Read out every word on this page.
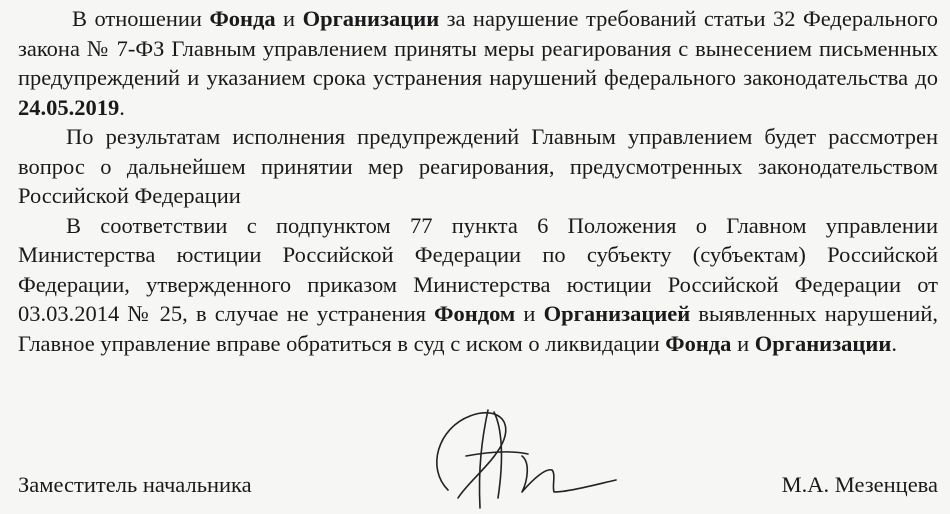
В отношении Фонда и Организации за нарушение требований статьи 32 Федерального закона № 7-ФЗ Главным управлением приняты меры реагирования с вынесением письменных предупреждений и указанием срока устранения нарушений федерального законодательства до 24.05.2019.

По результатам исполнения предупреждений Главным управлением будет рассмотрен вопрос о дальнейшем принятии мер реагирования, предусмотренных законодательством Российской Федерации

В соответствии с подпунктом 77 пункта 6 Положения о Главном управлении Министерства юстиции Российской Федерации по субъекту (субъектам) Российской Федерации, утвержденного приказом Министерства юстиции Российской Федерации от 03.03.2014 № 25, в случае не устранения Фондом и Организацией выявленных нарушений, Главное управление вправе обратиться в суд с иском о ликвидации Фонда и Организации.

Заместитель начальника	М.А. Мезенцева
